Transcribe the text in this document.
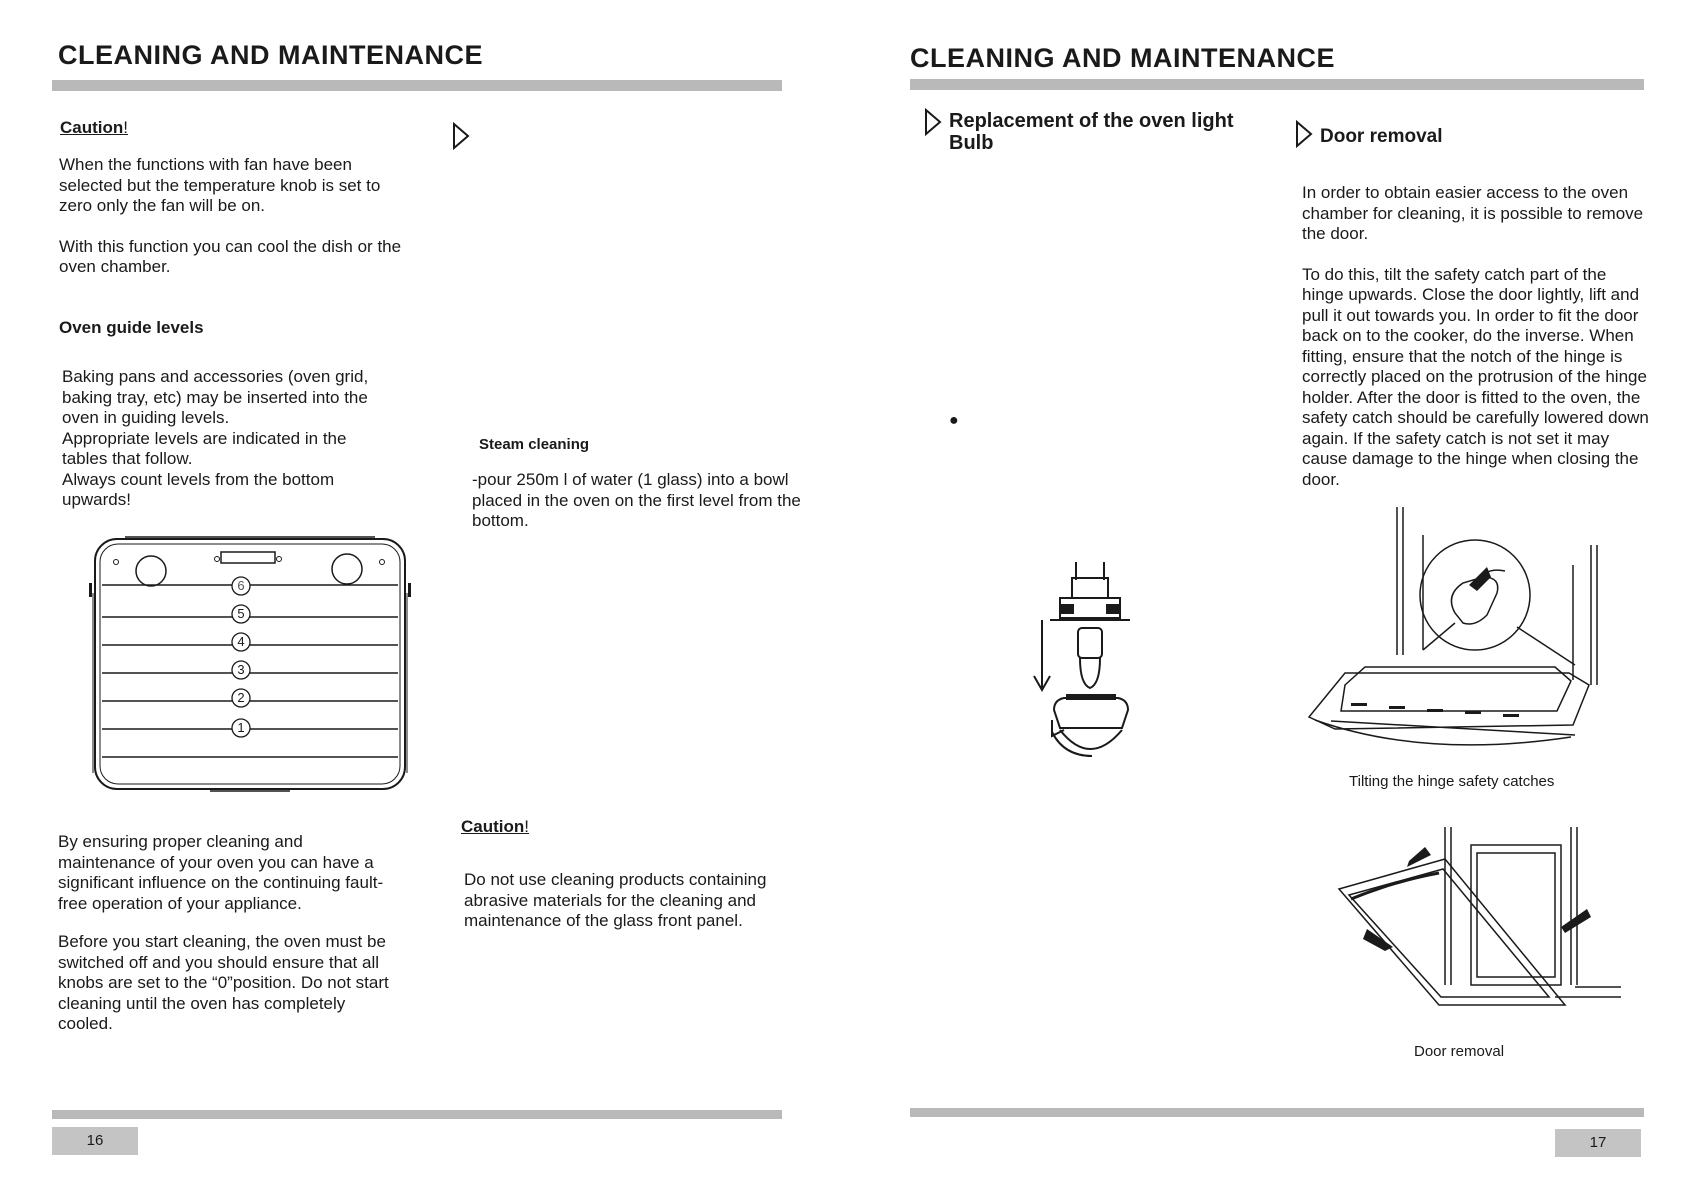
CLEANING AND MAINTENANCE
Caution!

When the functions with fan have been selected but the temperature knob is set to zero only the fan will be on.

With this function you can cool the dish or the oven chamber.

Oven guide levels

Baking pans and accessories (oven grid,

baking tray, etc) may be inserted into the

oven in guiding levels.

Appropriate levels are indicated in the

tables that follow.

Always count levels from the bottom

upwards!

6
5
4
3
2
1

By ensuring proper cleaning and maintenance of your oven you can have a significant influence on the continuing fault-free operation of your appliance.

Before you start cleaning, the oven must be switched off and you should ensure that all knobs are set to the “0”position. Do not start cleaning until the oven has completely cooled.

Steam cleaning
-pour 250m l of water (1 glass) into a bowl placed in the oven on the first level from the bottom.
Caution!
Do not use cleaning products containing abrasive materials for the cleaning and maintenance of the glass front panel.
16
CLEANING AND MAINTENANCE
Replacement of the oven light
Bulb
●
Door removal

In order to obtain easier access to the oven chamber for cleaning, it is possible to remove the door.

To do this, tilt the safety catch part of the hinge upwards. Close the door lightly, lift and pull it out towards you. In order to fit the door back on to the cooker, do the inverse. When fitting, ensure that the notch of the hinge is correctly placed on the protrusion of the hinge holder. After the door is fitted to the oven, the safety catch should be carefully lowered down again. If the safety catch is not set it may cause damage to the hinge when closing the door.

Tilting the hinge safety catches
Door removal
17
